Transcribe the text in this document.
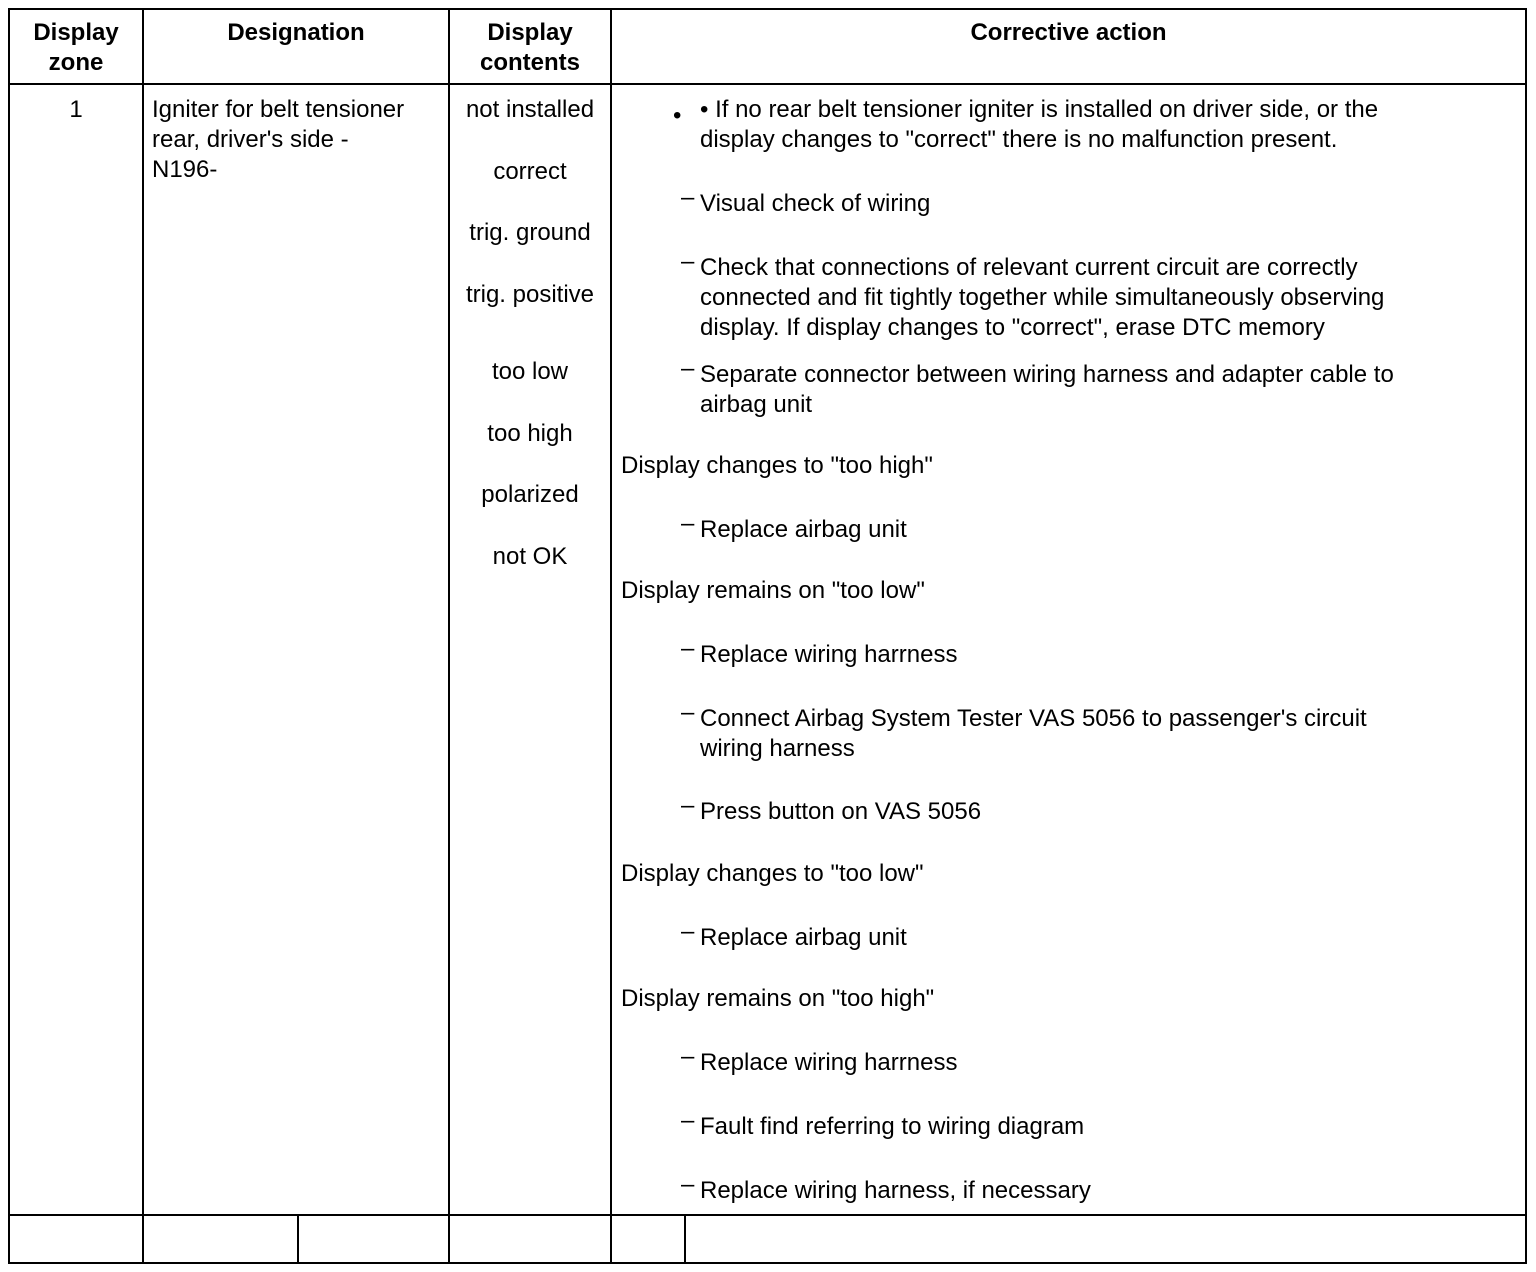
Display
zone
Designation	Display
contents
Corrective action
1	Igniter for belt tensioner
rear, driver's side -
N196-
not installed
correct
trig. ground
trig. positive
too low
too high
polarized
not OK
• • If no rear belt tensioner igniter is installed on driver side, or the
display changes to "correct" there is no malfunction present.
– Visual check of wiring
– Check that connections of relevant current circuit are correctly
connected and fit tightly together while simultaneously observing
display. If display changes to "correct", erase DTC memory
– Separate connector between wiring harness and adapter cable to
airbag unit
Display changes to "too high"
– Replace airbag unit
Display remains on "too low"
– Replace wiring harrness
– Connect Airbag System Tester VAS 5056 to passenger's circuit
wiring harness
– Press button on VAS 5056
Display changes to "too low"
– Replace airbag unit
Display remains on "too high"
– Replace wiring harrness
– Fault find referring to wiring diagram
– Replace wiring harness, if necessary
